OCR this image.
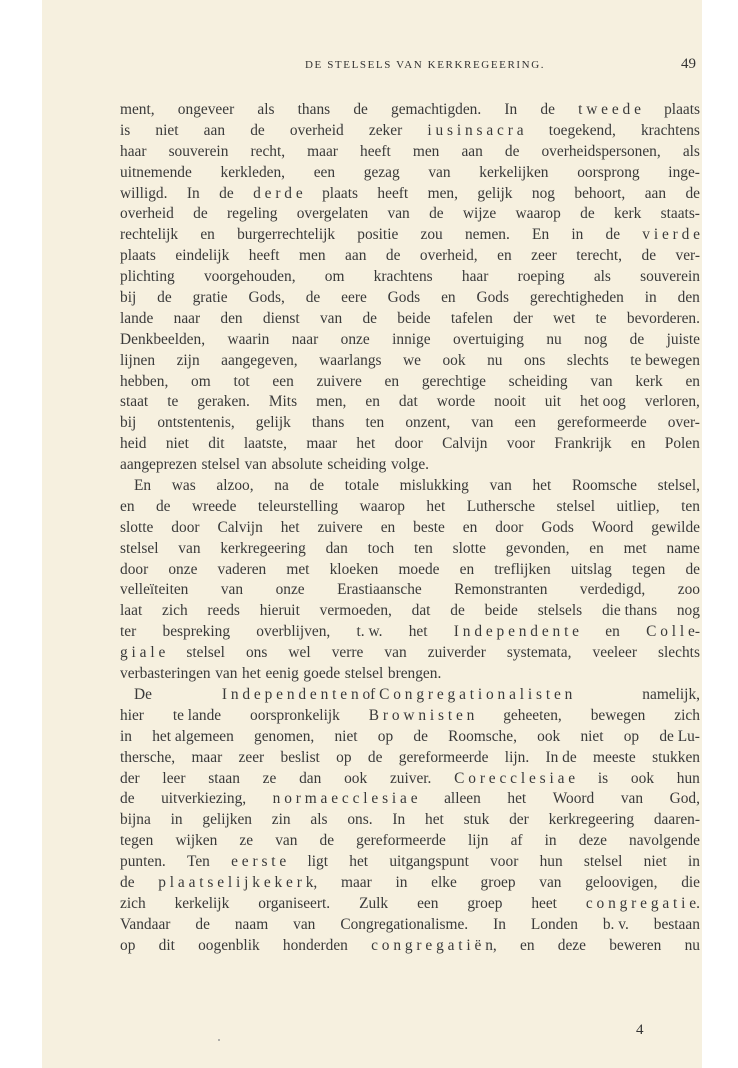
DE STELSELS VAN KERKREGEERING.	49
ment, ongeveer als thans de gemachtigden. In de t w e e d e plaats
is niet aan de overheid zeker i u s i n s a c r a toegekend, krachtens
haar souverein recht, maar heeft men aan de overheidspersonen, als
uitnemende kerkleden, een gezag van kerkelijken oorsprong inge-
willigd. In de d e r d e plaats heeft men, gelijk nog behoort, aan de
overheid de regeling overgelaten van de wijze waarop de kerk staats-
rechtelijk en burgerrechtelijk positie zou nemen. En in de v i e r d e
plaats eindelijk heeft men aan de overheid, en zeer terecht, de ver-
plichting voorgehouden, om krachtens haar roeping als souverein
bij de gratie Gods, de eere Gods en Gods gerechtigheden in den
lande naar den dienst van de beide tafelen der wet te bevorderen.
Denkbeelden, waarin naar onze innige overtuiging nu nog de juiste
lijnen zijn aangegeven, waarlangs we ook nu ons slechts te bewegen
hebben, om tot een zuivere en gerechtige scheiding van kerk en
staat te geraken. Mits men, en dat worde nooit uit het oog verloren,
bij ontstentenis, gelijk thans ten onzent, van een gereformeerde over-
heid niet dit laatste, maar het door Calvijn voor Frankrijk en Polen
aangeprezen stelsel van absolute scheiding volge.
En was alzoo, na de totale mislukking van het Roomsche stelsel,
en de wreede teleurstelling waarop het Luthersche stelsel uitliep, ten
slotte door Calvijn het zuivere en beste en door Gods Woord gewilde
stelsel van kerkregeering dan toch ten slotte gevonden, en met name
door onze vaderen met kloeken moede en treflijken uitslag tegen de
velleïteiten van onze Erastiaansche Remonstranten verdedigd, zoo
laat zich reeds hieruit vermoeden, dat de beide stelsels die thans nog
ter bespreking overblijven, t. w. het I n d e p e n d e n t e en C o l l e-
g i a l e stelsel ons wel verre van zuiverder systemata, veeleer slechts
verbasteringen van het eenig goede stelsel brengen.
De	I n d e p e n d e n t e n of C o n g r e g a t i o n a l i s t e n	namelijk,
hier te lande oorspronkelijk B r o w n i s t e n geheeten, bewegen zich
in het algemeen genomen, niet op de Roomsche, ook niet op de Lu-
thersche, maar zeer beslist op de gereformeerde lijn. In de meeste stukken
der leer staan ze dan ook zuiver. C o r e c c l e s i a e is ook hun
de uitverkiezing, n o r m a e c c l e s i a e alleen het Woord van God,
bijna in gelijken zin als ons. In het stuk der kerkregeering daaren-
tegen wijken ze van de gereformeerde lijn af in deze navolgende
punten. Ten e e r s t e ligt het uitgangspunt voor hun stelsel niet in
de p l a a t s e l i j k e k e r k, maar in elke groep van geloovigen, die
zich kerkelijk organiseert. Zulk een groep heet c o n g r e g a t i e.
Vandaar de naam van Congregationalisme. In Londen b. v. bestaan
op dit oogenblik honderden c o n g r e g a t i ë n, en deze beweren nu
4
